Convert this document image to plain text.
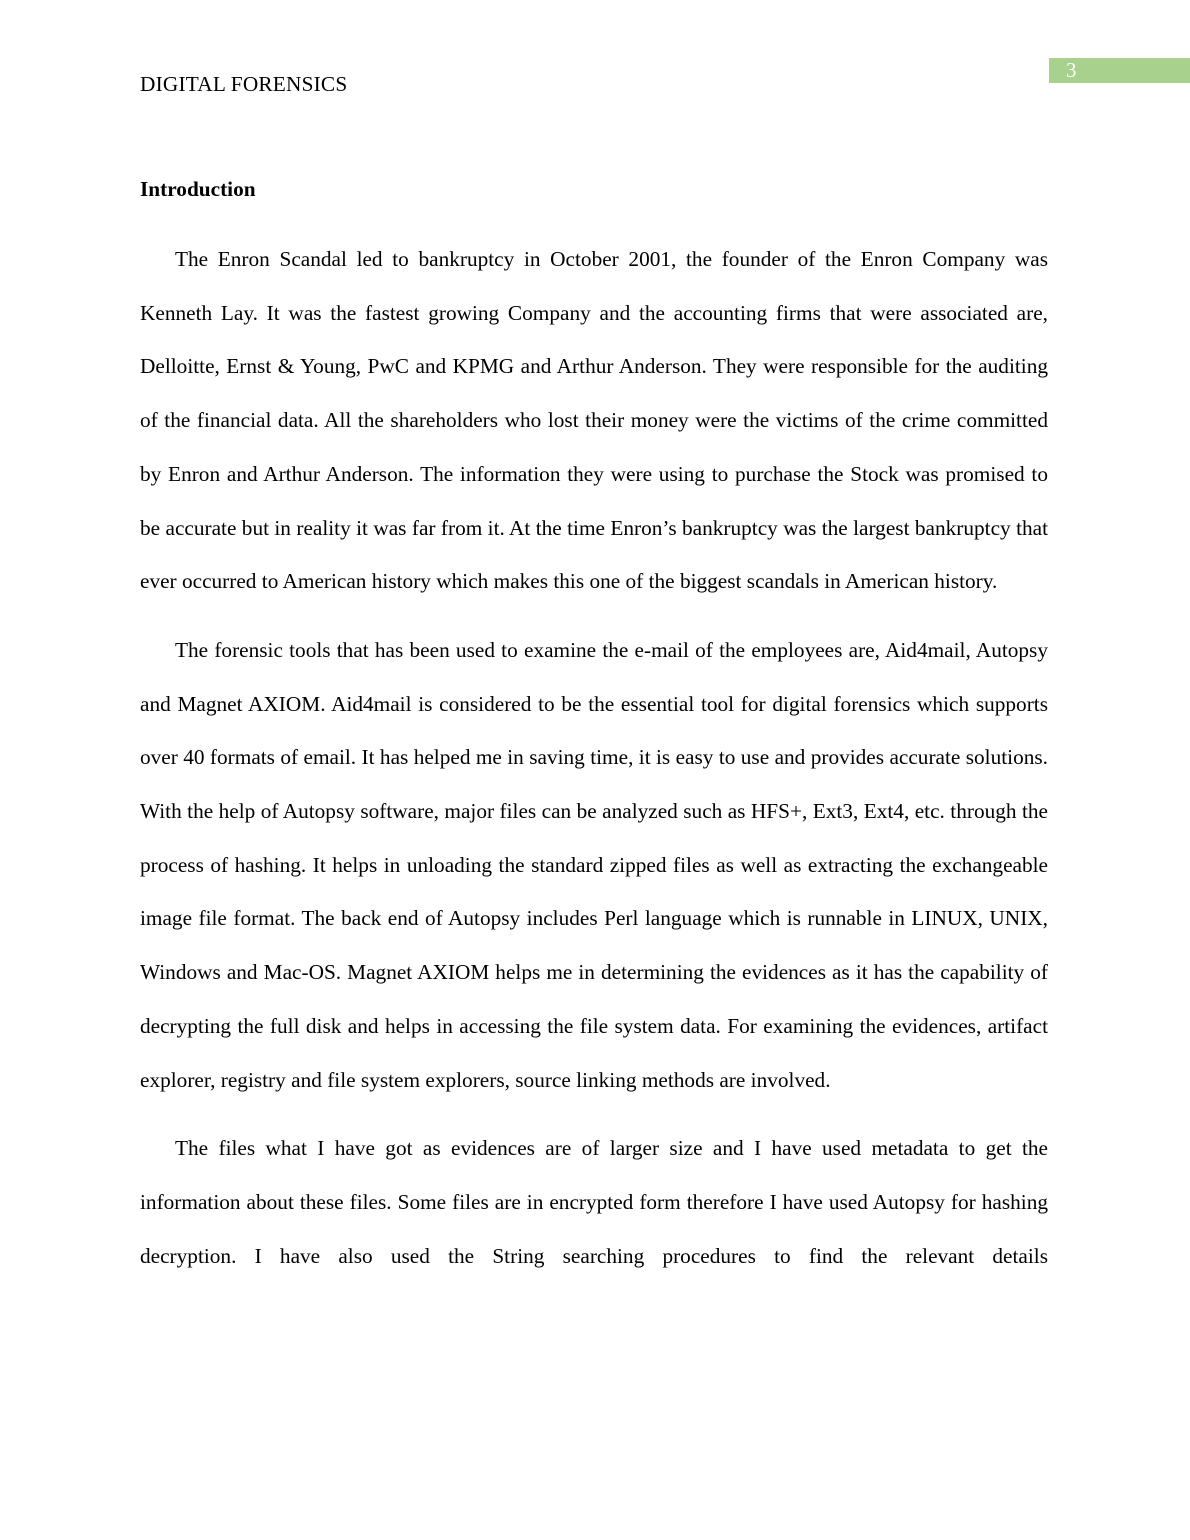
3
DIGITAL FORENSICS
Introduction

The Enron Scandal led to bankruptcy in October 2001, the founder of the Enron Company was Kenneth Lay. It was the fastest growing Company and the accounting firms that were associated are, Delloitte, Ernst & Young, PwC and KPMG and Arthur Anderson. They were responsible for the auditing of the financial data. All the shareholders who lost their money were the victims of the crime committed by Enron and Arthur Anderson. The information they were using to purchase the Stock was promised to be accurate but in reality it was far from it. At the time Enron’s bankruptcy was the largest bankruptcy that ever occurred to American history which makes this one of the biggest scandals in American history.

The forensic tools that has been used to examine the e-mail of the employees are, Aid4mail, Autopsy and Magnet AXIOM. Aid4mail is considered to be the essential tool for digital forensics which supports over 40 formats of email. It has helped me in saving time, it is easy to use and provides accurate solutions. With the help of Autopsy software, major files can be analyzed such as HFS+, Ext3, Ext4, etc. through the process of hashing. It helps in unloading the standard zipped files as well as extracting the exchangeable image file format. The back end of Autopsy includes Perl language which is runnable in LINUX, UNIX, Windows and Mac-OS. Magnet AXIOM helps me in determining the evidences as it has the capability of decrypting the full disk and helps in accessing the file system data. For examining the evidences, artifact explorer, registry and file system explorers, source linking methods are involved.

The files what I have got as evidences are of larger size and I have used metadata to get the information about these files. Some files are in encrypted form therefore I have used Autopsy for hashing decryption. I have also used the String searching procedures to find the relevant details
